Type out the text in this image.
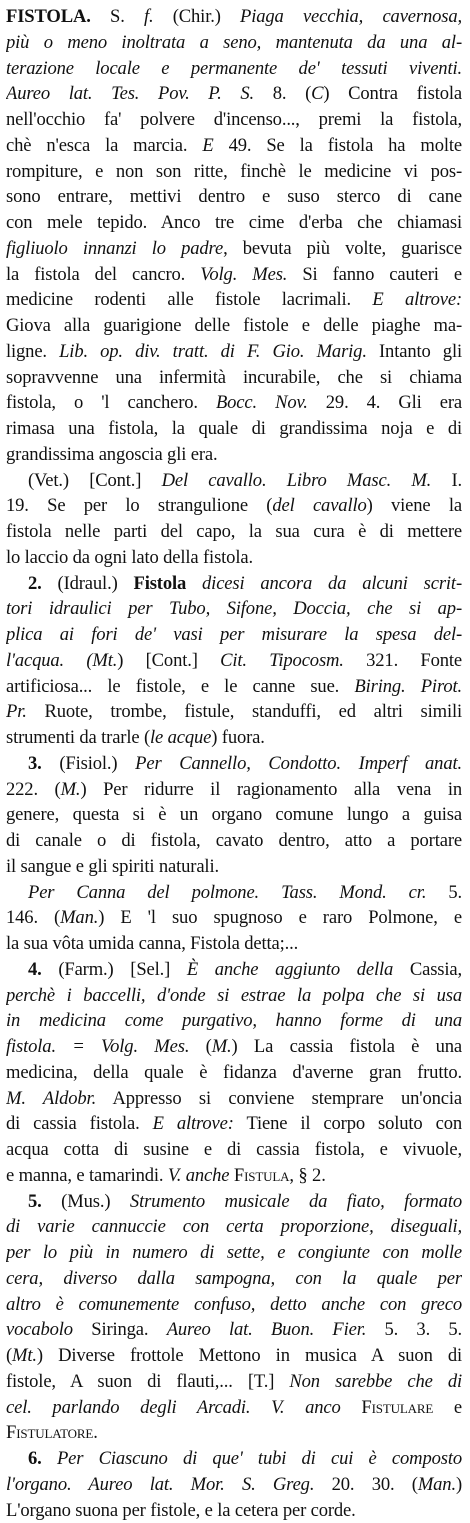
FISTOLA. S. f. (Chir.) Piaga vecchia, cavernosa,
più o meno inoltrata a seno, mantenuta da una al-
terazione locale e permanente de' tessuti viventi.
Aureo lat. Tes. Pov. P. S. 8. (C) Contra fistola
nell'occhio fa' polvere d'incenso..., premi la fistola,
chè n'esca la marcia. E 49. Se la fistola ha molte
rompiture, e non son ritte, finchè le medicine vi pos-
sono entrare, mettivi dentro e suso sterco di cane
con mele tepido. Anco tre cime d'erba che chiamasi
figliuolo innanzi lo padre, bevuta più volte, guarisce
la fistola del cancro. Volg. Mes. Si fanno cauteri e
medicine rodenti alle fistole lacrimali. E altrove:
Giova alla guarigione delle fistole e delle piaghe ma-
ligne. Lib. op. div. tratt. di F. Gio. Marig. Intanto gli
sopravvenne una infermità incurabile, che si chiama
fistola, o 'l canchero. Bocc. Nov. 29. 4. Gli era
rimasa una fistola, la quale di grandissima noja e di
grandissima angoscia gli era.
(Vet.) [Cont.] Del cavallo. Libro Masc. M. I.
19. Se per lo strangulione (del cavallo) viene la
fistola nelle parti del capo, la sua cura è di mettere
lo laccio da ogni lato della fistola.
2. (Idraul.) Fistola dicesi ancora da alcuni scrit-
tori idraulici per Tubo, Sifone, Doccia, che si ap-
plica ai fori de' vasi per misurare la spesa del-
l'acqua. (Mt.) [Cont.] Cit. Tipocosm. 321. Fonte
artificiosa... le fistole, e le canne sue. Biring. Pirot.
Pr. Ruote, trombe, fistule, standuffi, ed altri simili
strumenti da trarle (le acque) fuora.
3. (Fisiol.) Per Cannello, Condotto. Imperf anat.
222. (M.) Per ridurre il ragionamento alla vena in
genere, questa si è un organo comune lungo a guisa
di canale o di fistola, cavato dentro, atto a portare
il sangue e gli spiriti naturali.
Per Canna del polmone. Tass. Mond. cr. 5.
146. (Man.) E 'l suo spugnoso e raro Polmone, e
la sua vôta umida canna, Fistola detta;...
4. (Farm.) [Sel.] È anche aggiunto della Cassia,
perchè i baccelli, d'onde si estrae la polpa che si usa
in medicina come purgativo, hanno forme di una
fistola. = Volg. Mes. (M.) La cassia fistola è una
medicina, della quale è fidanza d'averne gran frutto.
M. Aldobr. Appresso si conviene stemprare un'oncia
di cassia fistola. E altrove: Tiene il corpo soluto con
acqua cotta di susine e di cassia fistola, e vivuole,
e manna, e tamarindi. V. anche Fistula, § 2.
5. (Mus.) Strumento musicale da fiato, formato
di varie cannuccie con certa proporzione, diseguali,
per lo più in numero di sette, e congiunte con molle
cera, diverso dalla sampogna, con la quale per
altro è comunemente confuso, detto anche con greco
vocabolo Siringa. Aureo lat. Buon. Fier. 5. 3. 5.
(Mt.) Diverse frottole Mettono in musica A suon di
fistole, A suon di flauti,... [T.] Non sarebbe che di
cel. parlando degli Arcadi. V. anco Fistulare e
Fistulatore.
6. Per Ciascuno di que' tubi di cui è composto
l'organo. Aureo lat. Mor. S. Greg. 20. 30. (Man.)
L'organo suona per fistole, e la cetera per corde.
